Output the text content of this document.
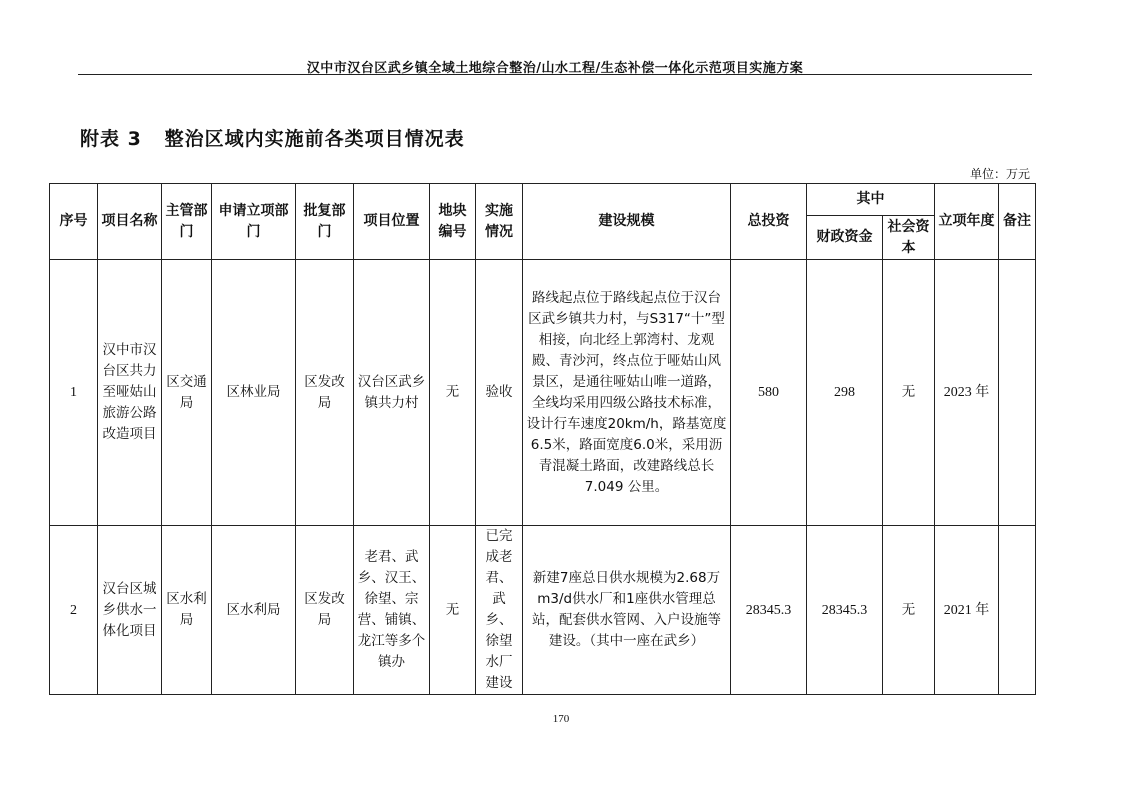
汉中市汉台区武乡镇全域土地综合整治/山水工程/生态补偿一体化示范项目实施方案
附表 3   整治区域内实施前各类项目情况表
单位：万元
序号	项目名称	主管部门	申请立项部门	批复部门	项目位置	地块编号	实施情况	建设规模	总投资	其中		立项年度	备注
										财政资金	社会资本		
1	汉中市汉台区共力至哑姑山旅游公路改造项目	区交通局	区林业局	区发改局	汉台区武乡镇共力村	无	验收	路线起点位于路线起点位于汉台区武乡镇共力村，与S317“十”型相接，向北经上郭湾村、龙观殿、青沙河，终点位于哑姑山风景区，是通往哑姑山唯一道路，全线均采用四级公路技术标准，设计行车速度20km/h，路基宽度6.5米，路面宽度6.0米，采用沥青混凝土路面，改建路线总长7.049 公里。	580	298	无	2023 年	
2	汉台区城乡供水一体化项目	区水利局	区水利局	区发改局	老君、武乡、汉王、徐望、宗营、铺镇、龙江等多个镇办	无	已完成老君、武乡、徐望水厂建设	新建7座总日供水规模为2.68万m3/d供水厂和1座供水管理总站，配套供水管网、入户设施等建设。（其中一座在武乡）	28345.3	28345.3	无	2021 年	
170
